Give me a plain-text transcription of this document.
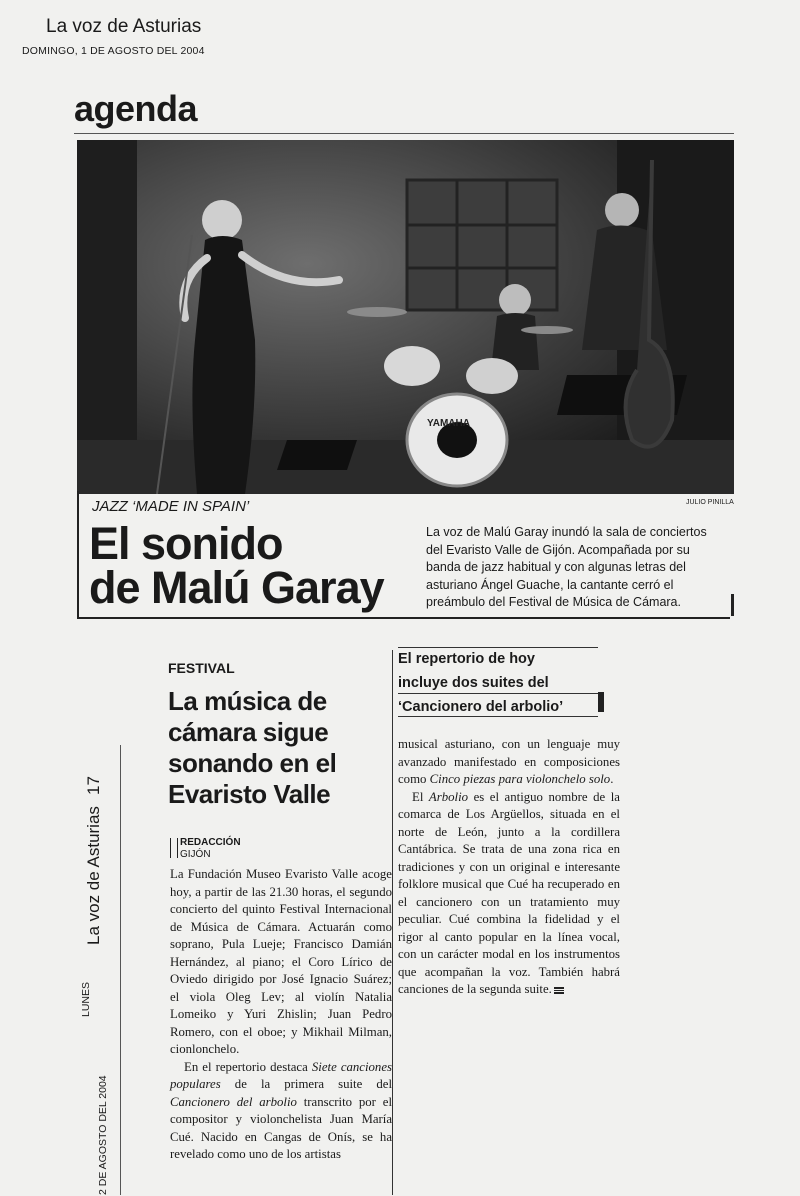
La voz de Asturias
DOMINGO, 1 DE AGOSTO DEL 2004
agenda
YAMAHA
JULIO PINILLA
JAZZ ‘MADE IN SPAIN’
El sonido
de Malú Garay
La voz de Malú Garay inundó la sala de conciertos
del Evaristo Valle de Gijón. Acompañada por su
banda de jazz habitual y con algunas letras del
asturiano Ángel Guache, la cantante cerró el
preámbulo del Festival de Música de Cámara.
2 DE AGOSTO DEL 2004
LUNES
La voz de Asturias
17
FESTIVAL
La música de
cámara sigue
sonando en el
Evaristo Valle
El repertorio de hoy
incluye dos suites del
‘Cancionero del arbolio’
REDACCIÓN
GIJÓN

La Fundación Museo Evaristo Valle acoge hoy, a partir de las 21.30 horas, el segundo concierto del quinto Festival Internacional de Música de Cámara. Actuarán como soprano, Pula Lueje; Francisco Damián Hernández, al piano; el Coro Lírico de Oviedo dirigido por José Ignacio Suárez; el viola Oleg Lev; al violín Natalia Lomeiko y Yuri Zhislin; Juan Pedro Romero, con el oboe; y Mikhail Milman, cionlonchelo.

En el repertorio destaca Siete canciones populares de la primera suite del Cancionero del arbolio transcrito por el compositor y violonchelista Juan María Cué. Nacido en Cangas de Onís, se ha revelado como uno de los artistas

musical asturiano, con un lenguaje muy avanzado manifestado en composiciones como Cinco piezas para violonchelo solo.

El Arbolio es el antiguo nombre de la comarca de Los Argüellos, situada en el norte de León, junto a la cordillera Cantábrica. Se trata de una zona rica en tradiciones y con un original e interesante folklore musical que Cué ha recuperado en el cancionero con un tratamiento muy peculiar. Cué combina la fidelidad y el rigor al canto popular en la línea vocal, con un carácter modal en los instrumentos que acompañan la voz. También habrá canciones de la segunda suite.
